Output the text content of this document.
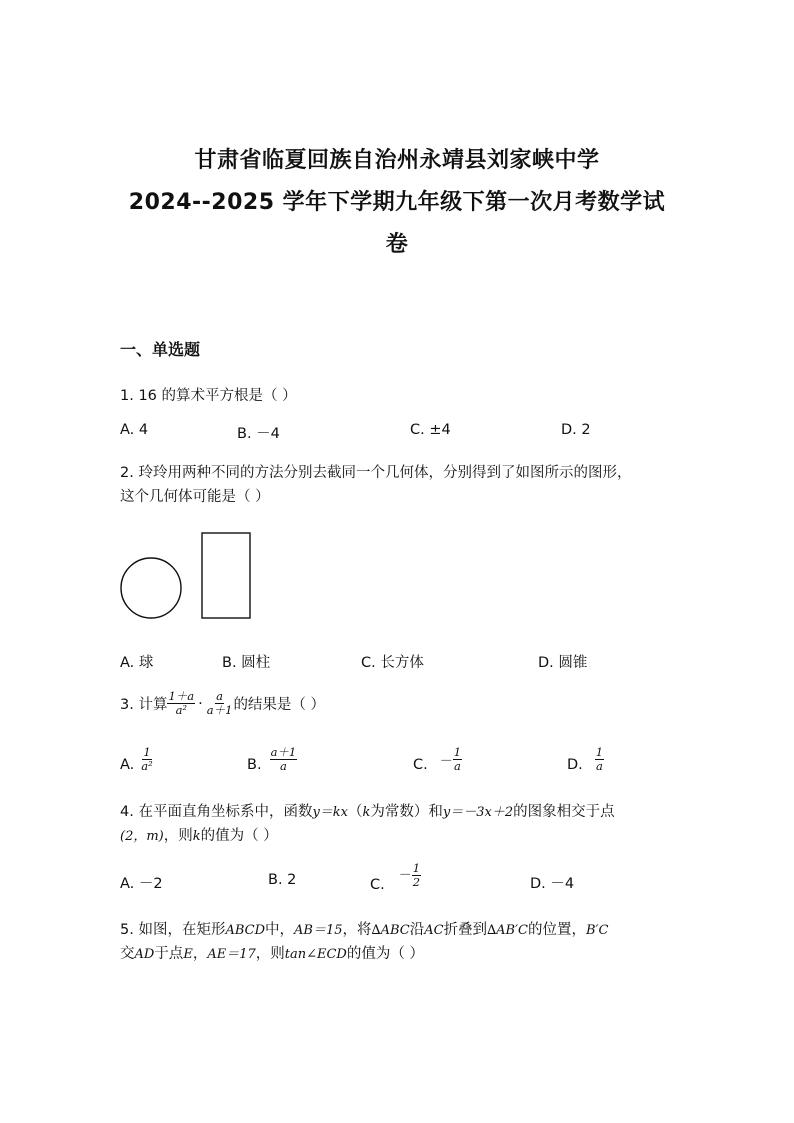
甘肃省临夏回族自治州永靖县刘家峡中学
2024--2025 学年下学期九年级下第一次月考数学试
卷
一、单选题
1. 16 的算术平方根是（ ）
A. 4	B. －4	C. ±4	D. 2
2. 玲玲用两种不同的方法分别去截同一个几何体，分别得到了如图所示的图形，
这个几何体可能是（ ）
A. 球	B. 圆柱	C. 长方体	D. 圆锥
3. 计算 $\frac{1+a}{\text{a²}} \cdot \frac{a}{a+1}$ 的结果是（ ）
A. $\frac{1}{\text{a²}}$	B. $\frac{a+1}{a}$	C. － $\frac{1}{a}$	D. $\frac{1}{a}$
4. 在平面直角坐标系中，函数y＝kx（k为常数）和y＝－3x＋2的图象相交于点
(2，m)，则k的值为（ ）
A. －2	B. 2	C.
－ $\frac{1}{2}$	D. －4
5. 如图，在矩形ABCD中，AB＝15，将∆ABC沿AC折叠到∆AB′C的位置，B′C
交AD于点E，AE＝17，则tan∠ECD的值为（ ）
